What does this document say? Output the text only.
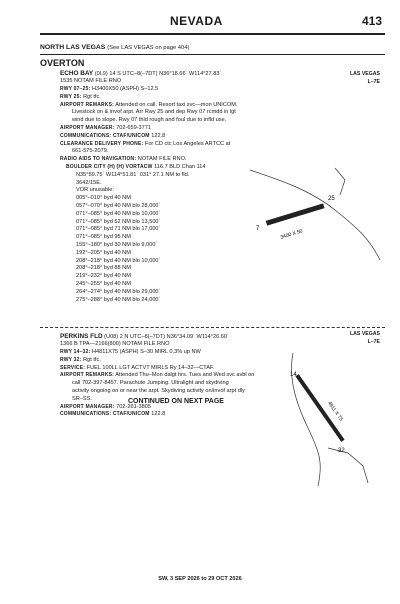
NEVADA	413
NORTH LAS VEGAS (See LAS VEGAS on page 404)
OVERTON
ECHO BAY (0L9) 14 S UTC–8(–7DT) N36°18.66´ W114°27.83´
1535 NOTAM FILE RNO
LAS VEGAS
L–7E
RWY 07–25: H3400X50 (ASPH) S–12.5
RWY 25: Rgt tfc.
AIRPORT REMARKS: Attended on call. Resort taxi svc—mon UNICOM.
Livestock on & invof arpt. Arr Rwy 25 and dep Rwy 07 rcmdd in lgt
wind due to slope. Rwy 07 thld rough and foul due to infld use.
AIRPORT MANAGER: 702-659-3771
COMMUNICATIONS: CTAF/UNICOM 122.8
CLEARANCE DELIVERY PHONE: For CD ctc Los Angeles ARTCC at
661-575-2079.
RADIO AIDS TO NAVIGATION: NOTAM FILE RNO.
BOULDER CITY (H) (H) VORTACW 116.7 BLD Chan 114
N35°59.75´ W114°51.81´ 031° 27.1 NM to fld.
3642/15E.
VOR unusable:
005°–010° byd 40 NM
057°–070° byd 40 NM blo 28,000´
071°–085° byd 40 NM blo 10,000´
071°–085° byd 52 NM blo 13,500´
071°–085° byd 71 NM blo 17,000´
071°–085° byd 95 NM
155°–180° byd 30 NM blo 9,000´
192°–205° byd 40 NM
208°–218° byd 40 NM blo 10,000´
208°–218° byd 88 NM
219°–232° byd 40 NM
245°–255° byd 40 NM
264°–274° byd 40 NM blo 29,000´
275°–288° byd 40 NM blo 24,000´
3400 X 50
7
25
PERKINS FLD (U08) 2 N UTC–8(–7DT) N36°34.09´ W114°26.60´
1366 B TPA—2166(800) NOTAM FILE RNO
LAS VEGAS
L–7E
RWY 14–32: H4811X75 (ASPH) S–30 MIRL 0.3% up NW
RWY 32: Rgt tfc.
SERVICE: FUEL 100LL LGT ACTVT MIRLS Ry 14–32—CTAF.
AIRPORT REMARKS: Attended Thu–Mon dalgt hrs. Tues and Wed svc avbl on
call 702-397-8457. Parachute Jumping. Ultralight and skydiving
activity ongoing on or near the arpt. Skydiving activity on/invof arpt dly
SR–SS.
AIRPORT MANAGER: 702-261-3805
COMMUNICATIONS: CTAF/UNICOM 122.8	4811 X 75
14
32
CONTINUED ON NEXT PAGE
SW, 3 SEP 2026 to 29 OCT 2026
